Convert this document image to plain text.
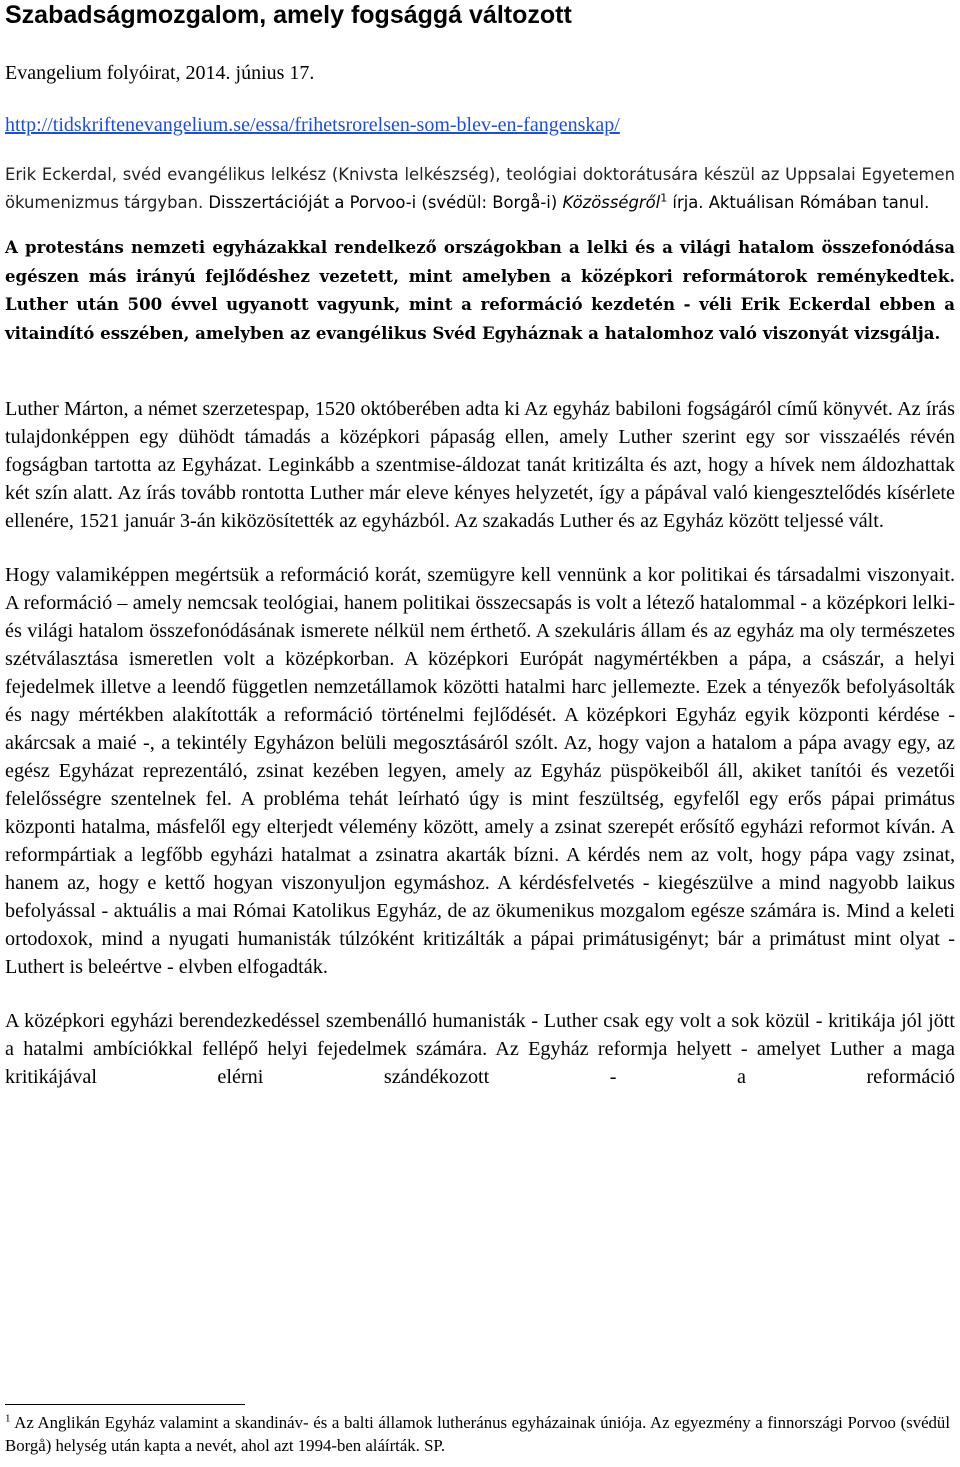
Szabadságmozgalom, amely fogsággá változott
Evangelium folyóirat, 2014. június 17.
http://tidskriftenevangelium.se/essa/frihetsrorelsen-som-blev-en-fangenskap/

Erik Eckerdal, svéd evangélikus lelkész (Knivsta lelkészség), teológiai doktorátusára készül az Uppsalai Egyetemen ökumenizmus tárgyban. Disszertációját a Porvoo-i (svédül: Borgå-i) Közösségről$^1$ írja. Aktuálisan Rómában tanul.

A protestáns nemzeti egyházakkal rendelkező országokban a lelki és a világi hatalom összefonódása egészen más irányú fejlődéshez vezetett, mint amelyben a középkori reformátorok reménykedtek. Luther után 500 évvel ugyanott vagyunk, mint a reformáció kezdetén - véli Erik Eckerdal ebben a vitaindító esszében, amelyben az evangélikus Svéd Egyháznak a hatalomhoz való viszonyát vizsgálja.

Luther Márton, a német szerzetespap, 1520 októberében adta ki Az egyház babiloni fogságáról című könyvét. Az írás tulajdonképpen egy dühödt támadás a középkori pápaság ellen, amely Luther szerint egy sor visszaélés révén fogságban tartotta az Egyházat. Leginkább a szentmise-áldozat tanát kritizálta és azt, hogy a hívek nem áldozhattak két szín alatt. Az írás tovább rontotta Luther már eleve kényes helyzetét, így a pápával való kiengesztelődés kísérlete ellenére, 1521 január 3-án kiközösítették az egyházból. Az szakadás Luther és az Egyház között teljessé vált.

Hogy valamiképpen megértsük a reformáció korát, szemügyre kell vennünk a kor politikai és társadalmi viszonyait. A reformáció – amely nemcsak teológiai, hanem politikai összecsapás is volt a létező hatalommal - a középkori lelki- és világi hatalom összefonódásának ismerete nélkül nem érthető. A szekuláris állam és az egyház ma oly természetes szétválasztása ismeretlen volt a középkorban. A középkori Európát nagymértékben a pápa, a császár, a helyi fejedelmek illetve a leendő független nemzetállamok közötti hatalmi harc jellemezte. Ezek a tényezők befolyásolták és nagy mértékben alakították a reformáció történelmi fejlődését. A középkori Egyház egyik központi kérdése - akárcsak a maié -, a tekintély Egyházon belüli megosztásáról szólt. Az, hogy vajon a hatalom a pápa avagy egy, az egész Egyházat reprezentáló, zsinat kezében legyen, amely az Egyház püspökeiből áll, akiket tanítói és vezetői felelősségre szentelnek fel. A probléma tehát leírható úgy is mint feszültség, egyfelől egy erős pápai primátus központi hatalma, másfelől egy elterjedt vélemény között, amely a zsinat szerepét erősítő egyházi reformot kíván. A reformpártiak a legfőbb egyházi hatalmat a zsinatra akarták bízni. A kérdés nem az volt, hogy pápa vagy zsinat, hanem az, hogy e kettő hogyan viszonyuljon egymáshoz. A kérdésfelvetés - kiegészülve a mind nagyobb laikus befolyással - aktuális a mai Római Katolikus Egyház, de az ökumenikus mozgalom egésze számára is. Mind a keleti ortodoxok, mind a nyugati humanisták túlzóként kritizálták a pápai primátusigényt; bár a primátust mint olyat - Luthert is beleértve - elvben elfogadták.

A középkori egyházi berendezkedéssel szembenálló humanisták - Luther csak egy volt a sok közül - kritikája jól jött a hatalmi ambíciókkal fellépő helyi fejedelmek számára. Az Egyház reformja helyett - amelyet Luther a maga kritikájával elérni szándékozott - a reformáció

$^1$ Az Anglikán Egyház valamint a skandináv- és a balti államok lutheránus egyházainak úniója. Az egyezmény a finnországi Porvoo (svédül Borgå) helység után kapta a nevét, ahol azt 1994-ben aláírták. SP.
